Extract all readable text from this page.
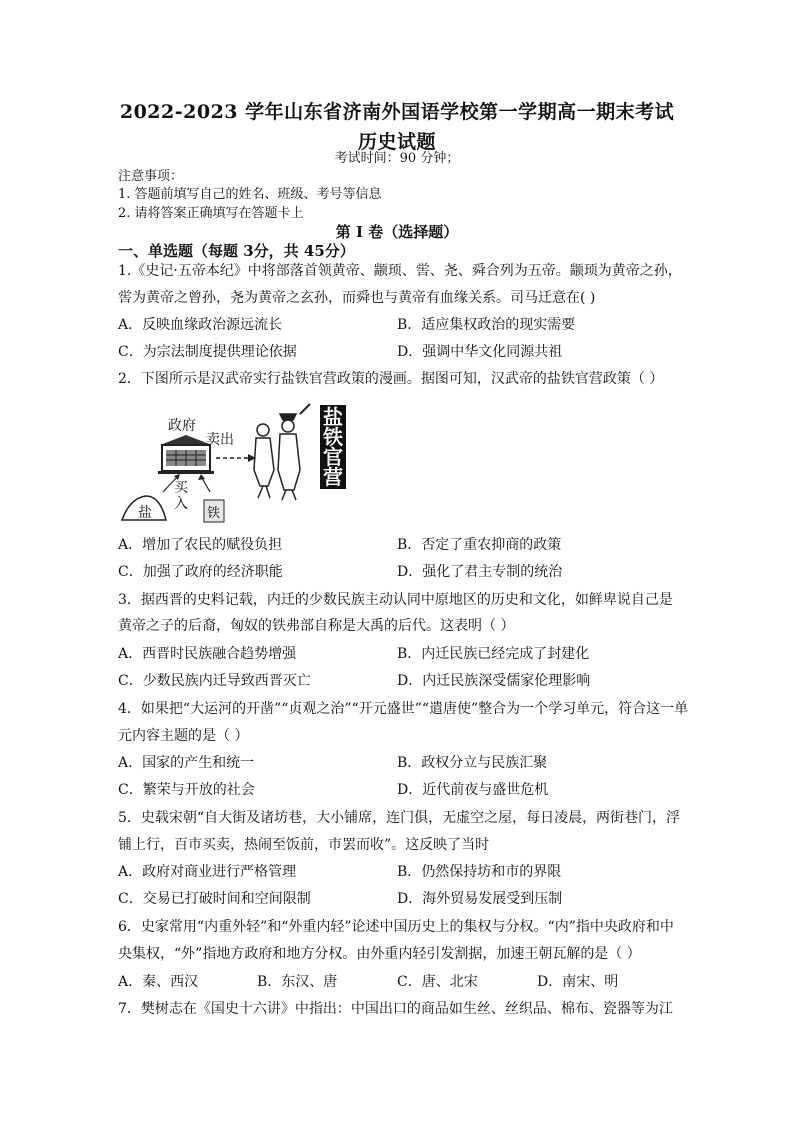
2022-2023 学年山东省济南外国语学校第一学期高一期末考试
历史试题
考试时间：90 分钟；
注意事项：
1. 答题前填写自己的姓名、班级、考号等信息
2. 请将答案正确填写在答题卡上
第 I 卷（选择题）
一、单选题（每题 3分，共 45分）
1.《史记·五帝本纪》中将部落首领黄帝、颛顼、喾、尧、舜合列为五帝。颛顼为黄帝之孙，
喾为黄帝之曾孙，尧为黄帝之玄孙，而舜也与黄帝有血缘关系。司马迁意在( )
A．反映血缘政治源远流长	B．适应集权政治的现实需要
C．为宗法制度提供理论依据	D．强调中华文化同源共祖
2．下图所示是汉武帝实行盐铁官营政策的漫画。据图可知，汉武帝的盐铁官营政策（ ）
政府
卖出
买
入
盐	铁
盐
铁
官
营
A．增加了农民的赋役负担	B．否定了重农抑商的政策
C．加强了政府的经济职能	D．强化了君主专制的统治
3．据西晋的史料记载，内迁的少数民族主动认同中原地区的历史和文化，如鲜卑说自己是
黄帝之子的后裔，匈奴的铁弗部自称是大禹的后代。这表明（ ）
A．西晋时民族融合趋势增强	B．内迁民族已经完成了封建化
C．少数民族内迁导致西晋灭亡	D．内迁民族深受儒家伦理影响
4．如果把“大运河的开凿”“贞观之治”“开元盛世”“遣唐使”整合为一个学习单元，符合这一单
元内容主题的是（ ）
A．国家的产生和统一	B．政权分立与民族汇聚
C．繁荣与开放的社会	D．近代前夜与盛世危机
5．史载宋朝“自大街及诸坊巷，大小铺席，连门俱，无虚空之屋，每日凌晨，两街巷门，浮
铺上行，百市买卖，热闹至饭前，市罢而收”。这反映了当时
A．政府对商业进行严格管理	B．仍然保持坊和市的界限
C．交易已打破时间和空间限制	D．海外贸易发展受到压制
6．史家常用“内重外轻”和“外重内轻”论述中国历史上的集权与分权。“内”指中央政府和中
央集权，“外”指地方政府和地方分权。由外重内轻引发割据，加速王朝瓦解的是（ ）
A．秦、西汉	B．东汉、唐	C．唐、北宋	D．南宋、明
7．樊树志在《国史十六讲》中指出：中国出口的商品如生丝、丝织品、棉布、瓷器等为江
